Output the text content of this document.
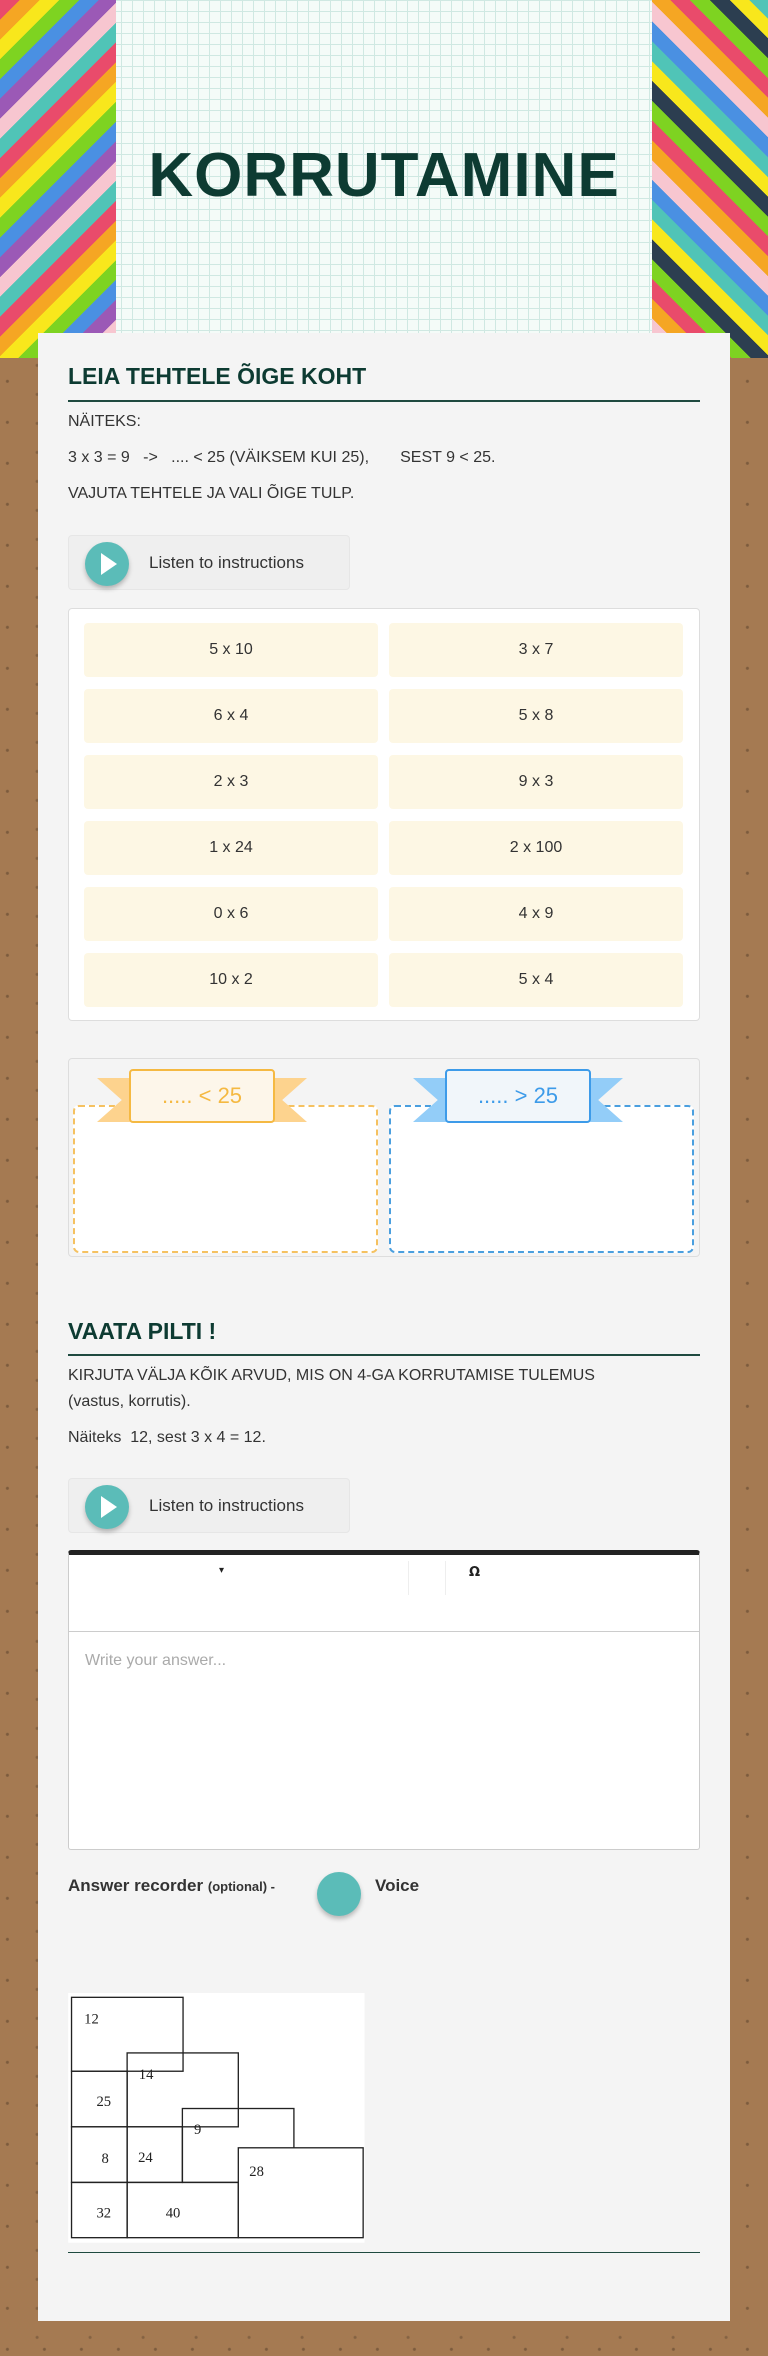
KORRUTAMINE
LEIA TEHTELE ÕIGE KOHT
NÄITEKS:
3 x 3 = 9   ->   .... < 25 (VÄIKSEM KUI 25),       SEST 9 < 25.
VAJUTA TEHTELE JA VALI ÕIGE TULP.
Listen to instructions
5 x 10	3 x 7
6 x 4	5 x 8
2 x 3	9 x 3
1 x 24	2 x 100
0 x 6	4 x 9
10 x 2	5 x 4
..... < 25	..... > 25
VAATA PILTI !
KIRJUTA VÄLJA KÕIK ARVUD, MIS ON 4-GA KORRUTAMISE TULEMUS
(vastus, korrutis).
Näiteks  12, sest 3 x 4 = 12.
Listen to instructions
▾	Ω
Write your answer...
Answer recorder (optional) -	Voice
12
14
25
9
8 24
28
32 40
